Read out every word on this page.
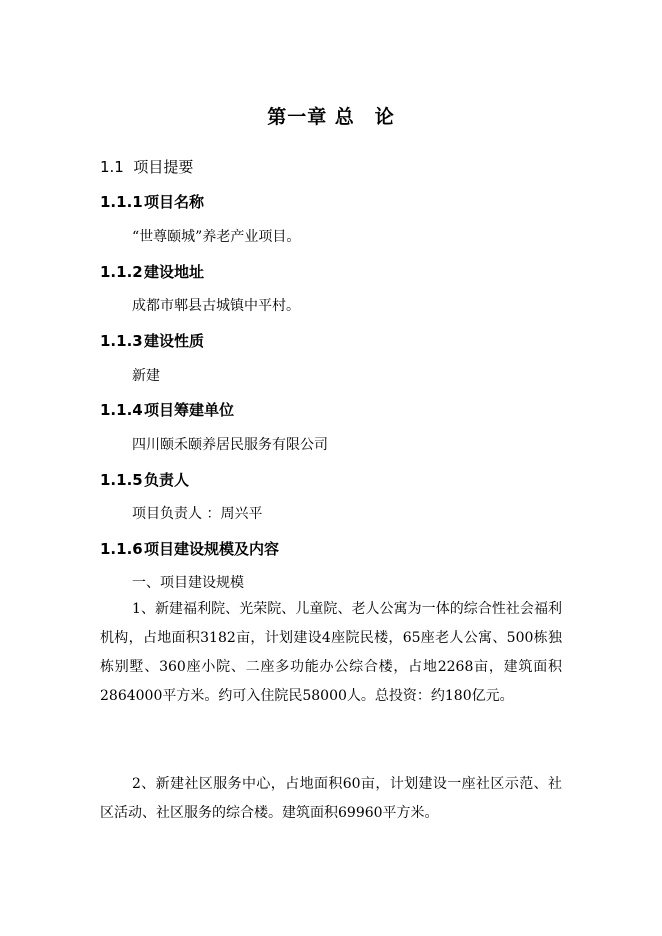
第一章 总　论
1.1 项目提要
1.1.1项目名称
“世尊颐城”养老产业项目。
1.1.2建设地址
成都市郫县古城镇中平村。
1.1.3建设性质
新建
1.1.4项目筹建单位
四川颐禾颐养居民服务有限公司
1.1.5负责人
项目负责人 ：周兴平
1.1.6项目建设规模及内容
一、项目建设规模

1、新建福利院、光荣院、儿童院、老人公寓为一体的综合性社会福利机构，占地面积3182亩，计划建设4座院民楼，65座老人公寓、500栋独栋别墅、360座小院、二座多功能办公综合楼，占地2268亩，建筑面积2864000平方米。约可入住院民58000人。总投资：约180亿元。

2、新建社区服务中心，占地面积60亩，计划建设一座社区示范、社区活动、社区服务的综合楼。建筑面积69960平方米。
